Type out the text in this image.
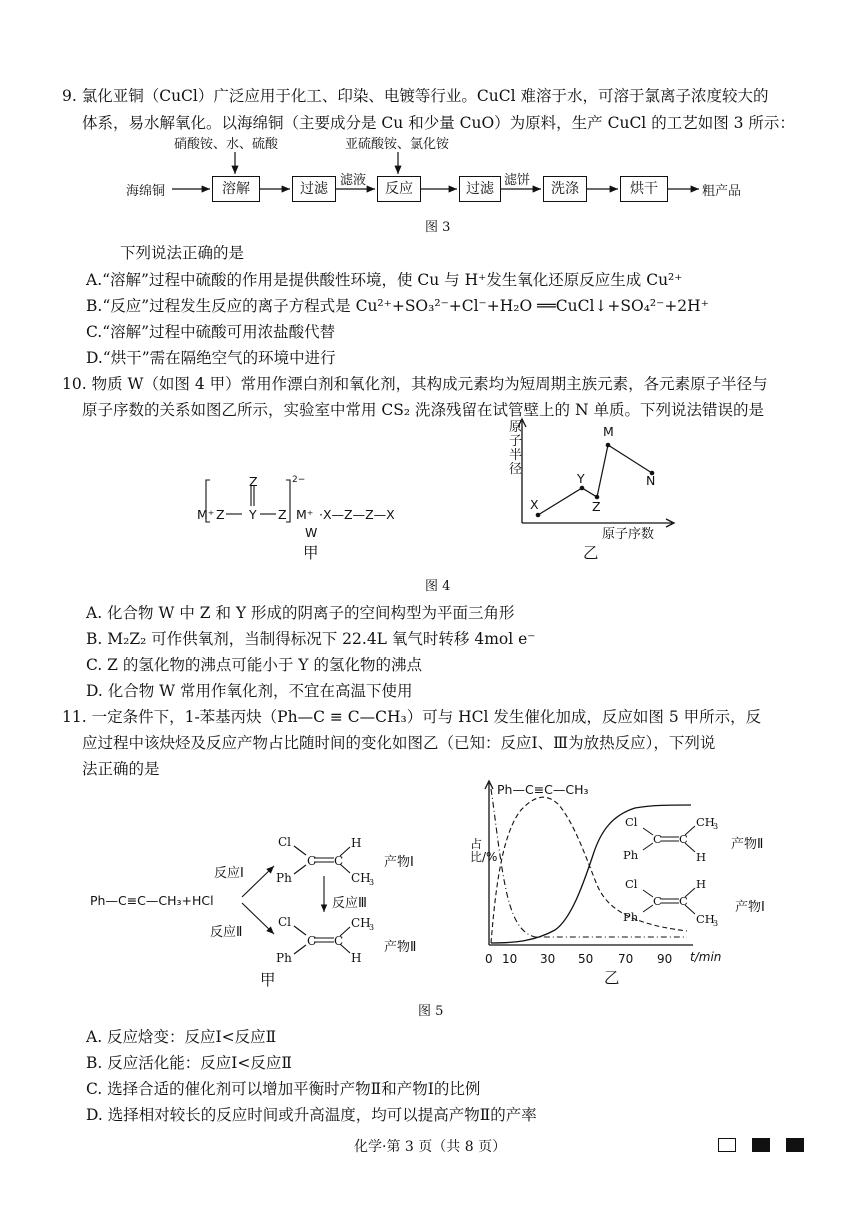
9. 氯化亚铜（CuCl）广泛应用于化工、印染、电镀等行业。CuCl 难溶于水，可溶于氯离子浓度较大的
体系，易水解氧化。以海绵铜（主要成分是 Cu 和少量 CuO）为原料，生产 CuCl 的工艺如图 3 所示：
硝酸铵、水、硫酸	亚硫酸铵、氯化铵
海绵铜	溶解	过滤
滤液
反应	过滤
滤饼
洗涤	烘干	粗产品
图 3
下列说法正确的是
A.“溶解”过程中硫酸的作用是提供酸性环境，使 Cu 与 H⁺发生氧化还原反应生成 Cu²⁺
B.“反应”过程发生反应的离子方程式是 Cu²⁺+SO₃²⁻+Cl⁻+H₂O ══CuCl↓+SO₄²⁻+2H⁺
C.“溶解”过程中硫酸可用浓盐酸代替
D.“烘干”需在隔绝空气的环境中进行
10. 物质 W（如图 4 甲）常用作漂白剂和氧化剂，其构成元素均为短周期主族元素，各元素原子半径与
原子序数的关系如图乙所示，实验室中常用 CS₂ 洗涤残留在试管壁上的 N 单质。下列说法错误的是
M⁺
Z
Z Y Z
2−
M⁺ ·X—Z—Z—X
W
甲
原子半径
X
Y
Z
M
N
原子序数
乙
图 4
A. 化合物 W 中 Z 和 Y 形成的阴离子的空间构型为平面三角形
B. M₂Z₂ 可作供氧剂，当制得标况下 22.4L 氧气时转移 4mol e⁻
C. Z 的氢化物的沸点可能小于 Y 的氢化物的沸点
D. 化合物 W 常用作氧化剂，不宜在高温下使用
11. 一定条件下，1-苯基丙炔（Ph—C ≡ C—CH₃）可与 HCl 发生催化加成，反应如图 5 甲所示，反
应过程中该炔烃及反应产物占比随时间的变化如图乙（已知：反应Ⅰ、Ⅲ为放热反应），下列说
法正确的是
Ph—C≡C—CH₃+HCl
反应Ⅰ
反应Ⅱ
反应Ⅲ
Cl
Ph
C C
H
CH
3
Cl
Ph
C C
CH
3
H
产物Ⅰ
产物Ⅱ
甲
Cl
Ph
C C
CH
3
H
Cl
Ph
C C
H
CH
3
Ph—C≡C—CH₃
产物Ⅱ
产物Ⅰ
占比/%
0 10 30 50 70 90 t/min
乙
图 5
A. 反应焓变：反应Ⅰ<反应Ⅱ
B. 反应活化能：反应Ⅰ<反应Ⅱ
C. 选择合适的催化剂可以增加平衡时产物Ⅱ和产物Ⅰ的比例
D. 选择相对较长的反应时间或升高温度，均可以提高产物Ⅱ的产率
化学·第 3 页（共 8 页）
